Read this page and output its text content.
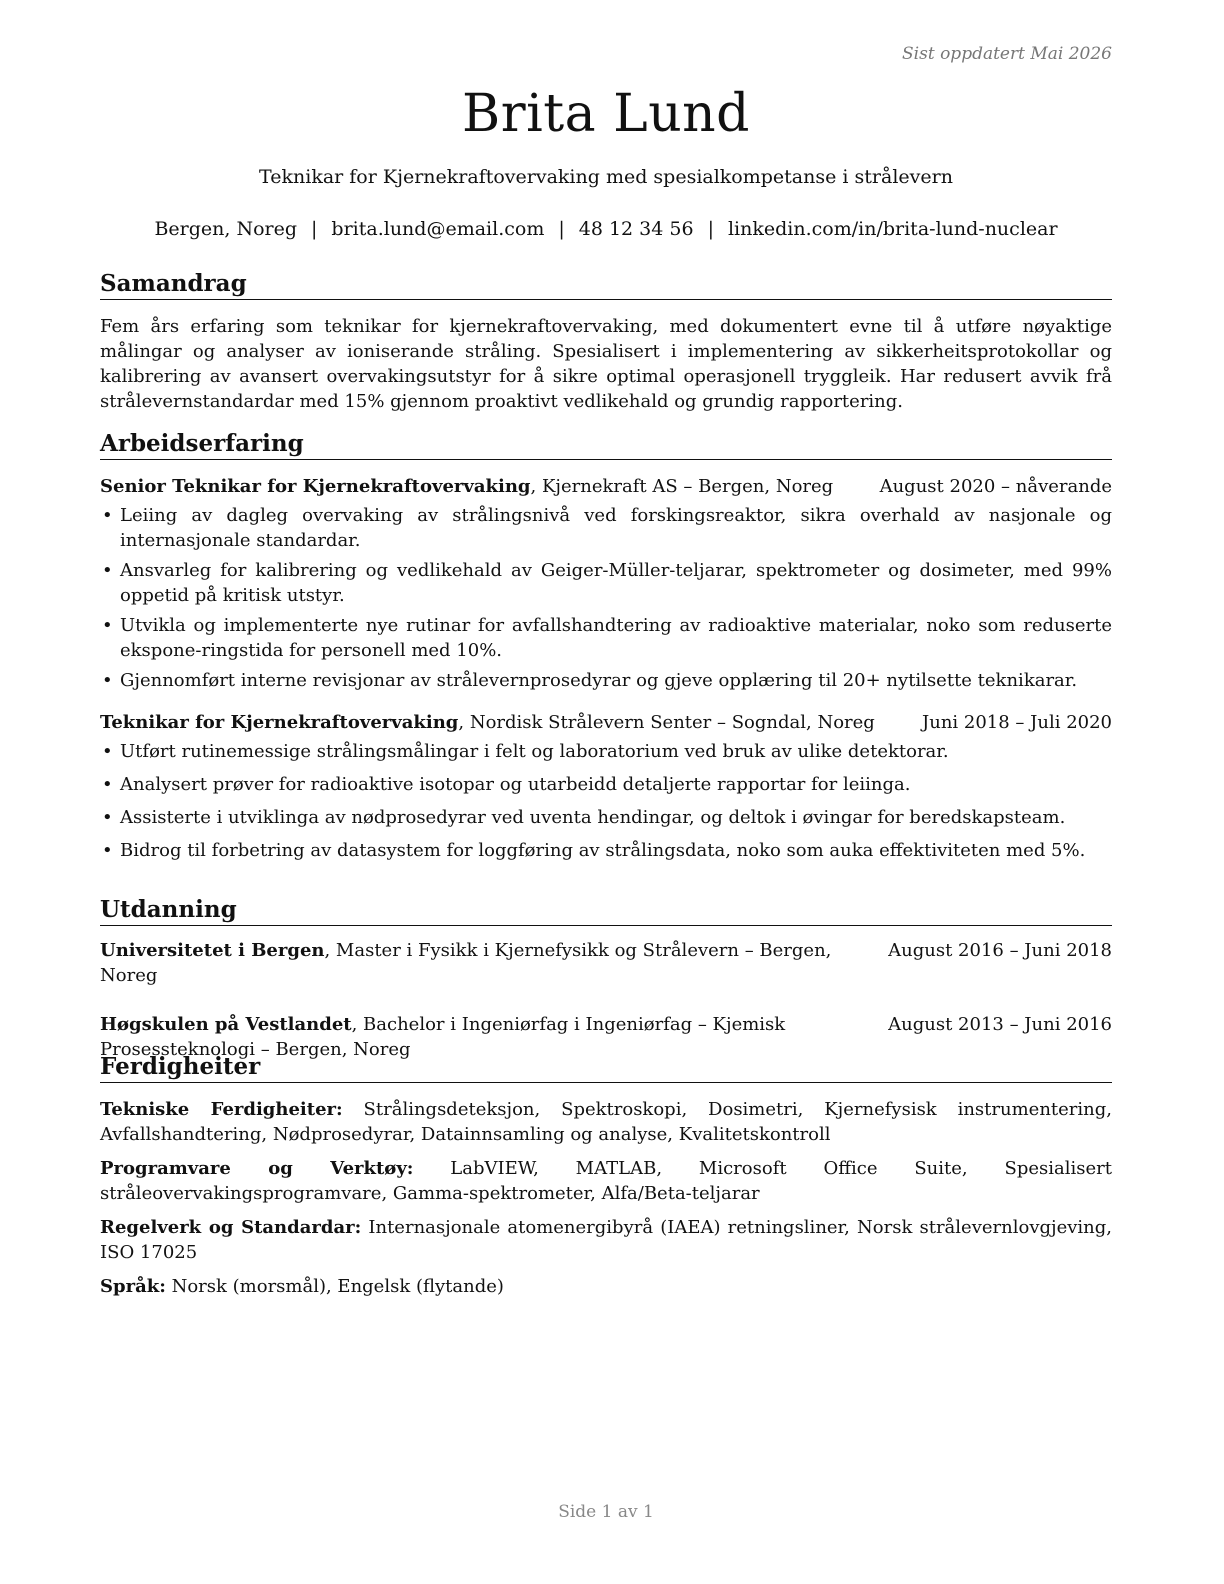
Sist oppdatert Mai 2026
Brita Lund
Teknikar for Kjernekraftovervaking med spesialkompetanse i strålevern
Bergen, Noreg | brita.lund@email.com | 48 12 34 56 | linkedin.com/in/brita-lund-nuclear
Samandrag
Fem års erfaring som teknikar for kjernekraftovervaking, med dokumentert evne til å utføre nøyaktige målingar og analyser av ioniserande stråling. Spesialisert i implementering av sikkerheitsprotokollar og kalibrering av avansert overvakingsutstyr for å sikre optimal operasjonell tryggleik. Har redusert avvik frå strålevernstandardar med 15% gjennom proaktivt vedlikehald og grundig rapportering.
Arbeidserfaring
Senior Teknikar for Kjernekraftovervaking, Kjernekraft AS – Bergen, Noreg	August 2020 – nåverande
• Leiing av dagleg overvaking av strålingsnivå ved forskingsreaktor, sikra overhald av nasjonale og internasjonale standardar.
• Ansvarleg for kalibrering og vedlikehald av Geiger-Müller-teljarar, spektrometer og dosimeter, med 99% oppetid på kritisk utstyr.
• Utvikla og implementerte nye rutinar for avfallshandtering av radioaktive materialar, noko som reduserte ekspone-ringstida for personell med 10%.
• Gjennomført interne revisjonar av strålevernprosedyrar og gjeve opplæring til 20+ nytilsette teknikarar.
Teknikar for Kjernekraftovervaking, Nordisk Strålevern Senter – Sogndal, Noreg	Juni 2018 – Juli 2020
• Utført rutinemessige strålingsmålingar i felt og laboratorium ved bruk av ulike detektorar.
• Analysert prøver for radioaktive isotopar og utarbeidd detaljerte rapportar for leiinga.
• Assisterte i utviklinga av nødprosedyrar ved uventa hendingar, og deltok i øvingar for beredskapsteam.
• Bidrog til forbetring av datasystem for loggføring av strålingsdata, noko som auka effektiviteten med 5%.
Utdanning
Universitetet i Bergen, Master i Fysikk i Kjernefysikk og Strålevern – Bergen, Noreg
August 2016 – Juni 2018
Høgskulen på Vestlandet, Bachelor i Ingeniørfag i Ingeniørfag – Kjemisk Prosessteknologi – Bergen, Noreg
August 2013 – Juni 2016
Ferdigheiter
Tekniske Ferdigheiter: Strålingsdeteksjon, Spektroskopi, Dosimetri, Kjernefysisk instrumentering, Avfallshandtering, Nødprosedyrar, Datainnsamling og analyse, Kvalitetskontroll
Programvare og Verktøy: LabVIEW, MATLAB, Microsoft Office Suite, Spesialisert stråleovervakingsprogramvare, Gamma-spektrometer, Alfa/Beta-teljarar
Regelverk og Standardar: Internasjonale atomenergibyrå (IAEA) retningsliner, Norsk strålevernlovgjeving, ISO 17025
Språk: Norsk (morsmål), Engelsk (flytande)
Side 1 av 1
